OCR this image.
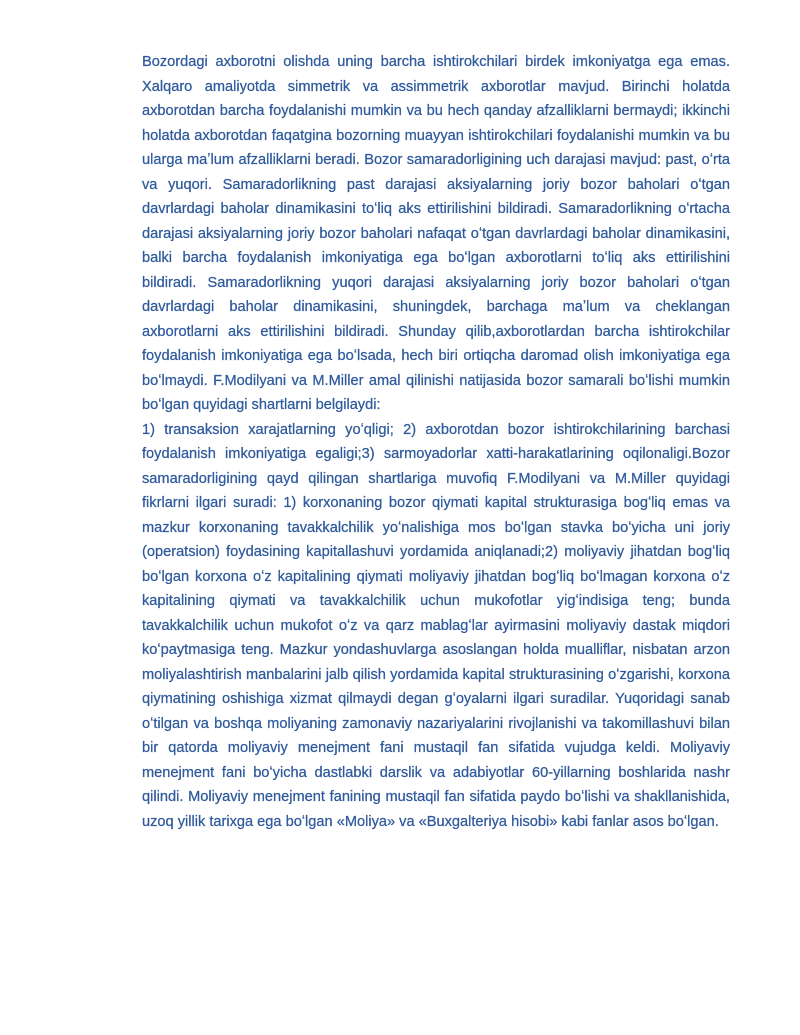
Bozordagi axborotni olishda uning barcha ishtirokchilari birdek imkoniyatga ega emas. Xalqaro amaliyotda simmetrik va assimmetrik axborotlar mavjud. Birinchi holatda axborotdan barcha foydalanishi mumkin va bu hech qanday afzalliklarni bermaydi; ikkinchi holatda axborotdan faqatgina bozorning muayyan ishtirokchilari foydalanishi mumkin va bu ularga maʼlum afzalliklarni beradi. Bozor samaradorligining uch darajasi mavjud: past, oʻrta va yuqori. Samaradorlikning past darajasi aksiyalarning joriy bozor baholari oʻtgan davrlardagi baholar dinamikasini toʻliq aks ettirilishini bildiradi. Samaradorlikning oʻrtacha darajasi aksiyalarning joriy bozor baholari nafaqat oʻtgan davrlardagi baholar dinamikasini, balki barcha foydalanish imkoniyatiga ega boʻlgan axborotlarni toʻliq aks ettirilishini bildiradi. Samaradorlikning yuqori darajasi aksiyalarning joriy bozor baholari oʻtgan davrlardagi baholar dinamikasini, shuningdek, barchaga maʼlum va cheklangan axborotlarni aks ettirilishini bildiradi. Shunday qilib,axborotlardan barcha ishtirokchilar foydalanish imkoniyatiga ega boʻlsada, hech biri ortiqcha daromad olish imkoniyatiga ega boʻlmaydi. F.Modilyani va M.Miller amal qilinishi natijasida bozor samarali boʻlishi mumkin boʻlgan quyidagi shartlarni belgilaydi:

1) transaksion xarajatlarning yoʻqligi; 2) axborotdan bozor ishtirokchilarining barchasi foydalanish imkoniyatiga egaligi;3) sarmoyadorlar xatti-harakatlarining oqilonaligi.Bozor samaradorligining qayd qilingan shartlariga muvofiq F.Modilyani va M.Miller quyidagi fikrlarni ilgari suradi: 1) korxonaning bozor qiymati kapital strukturasiga bogʻliq emas va mazkur korxonaning tavakkalchilik yoʻnalishiga mos boʻlgan stavka boʻyicha uni joriy (operatsion) foydasining kapitallashuvi yordamida aniqlanadi;2) moliyaviy jihatdan bogʻliq boʻlgan korxona oʻz kapitalining qiymati moliyaviy jihatdan bogʻliq boʻlmagan korxona oʻz kapitalining qiymati va tavakkalchilik uchun mukofotlar yigʻindisiga teng; bunda tavakkalchilik uchun mukofot oʻz va qarz mablagʻlar ayirmasini moliyaviy dastak miqdori koʻpaytmasiga teng. Mazkur yondashuvlarga asoslangan holda mualliflar, nisbatan arzon moliyalashtirish manbalarini jalb qilish yordamida kapital strukturasining oʻzgarishi, korxona qiymatining oshishiga xizmat qilmaydi degan gʻoyalarni ilgari suradilar. Yuqoridagi sanab oʻtilgan va boshqa moliyaning zamonaviy nazariyalarini rivojlanishi va takomillashuvi bilan bir qatorda moliyaviy menejment fani mustaqil fan sifatida vujudga keldi. Moliyaviy menejment fani boʻyicha dastlabki darslik va adabiyotlar 60-yillarning boshlarida nashr qilindi. Moliyaviy menejment fanining mustaqil fan sifatida paydo boʻlishi va shakllanishida, uzoq yillik tarixga ega boʻlgan «Moliya» va «Buxgalteriya hisobi» kabi fanlar asos boʻlgan.
